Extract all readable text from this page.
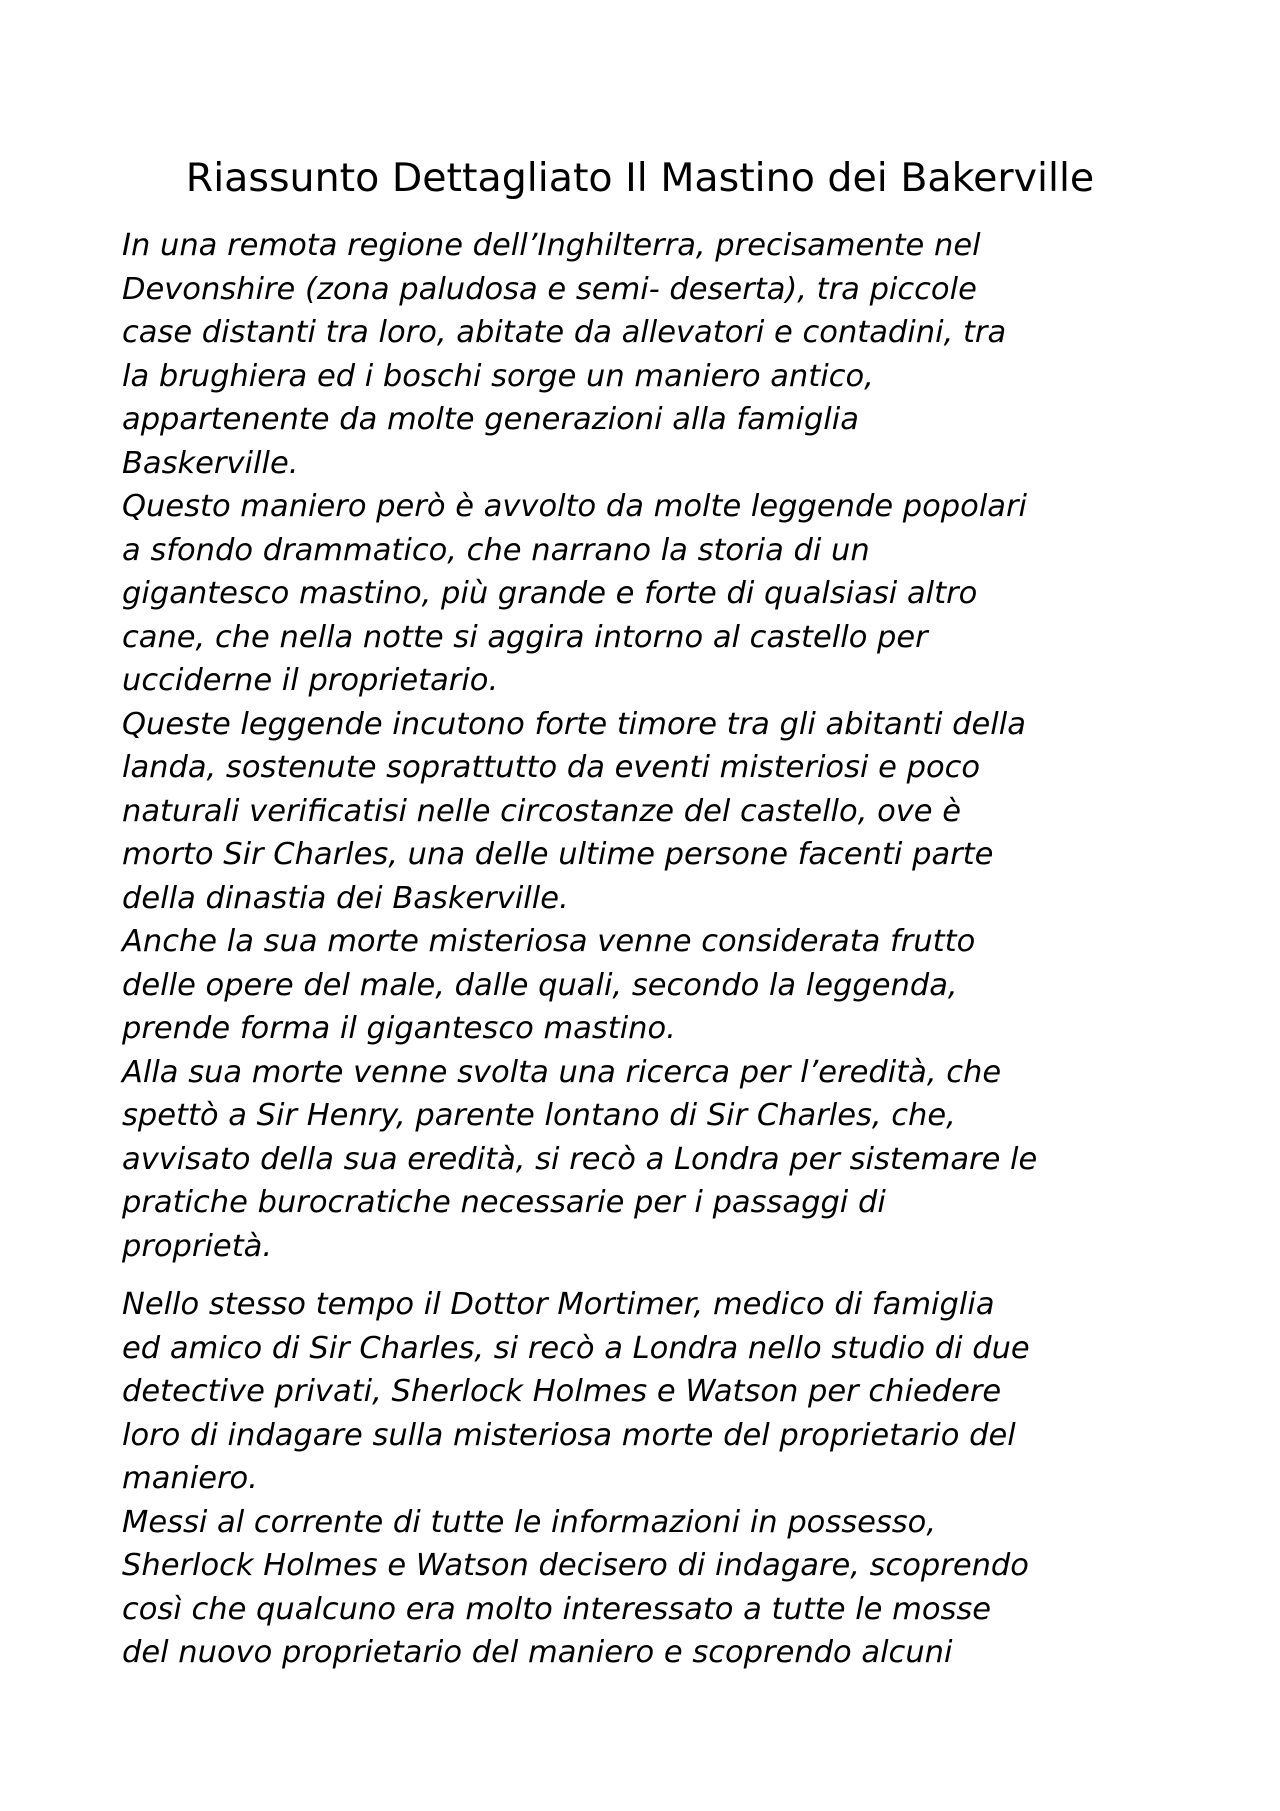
Riassunto Dettagliato Il Mastino dei Bakerville
In una remota regione dell’Inghilterra, precisamente nel
Devonshire (zona paludosa e semi- deserta), tra piccole
case distanti tra loro, abitate da allevatori e contadini, tra
la brughiera ed i boschi sorge un maniero antico,
appartenente da molte generazioni alla famiglia
Baskerville.
Questo maniero però è avvolto da molte leggende popolari
a sfondo drammatico, che narrano la storia di un
gigantesco mastino, più grande e forte di qualsiasi altro
cane, che nella notte si aggira intorno al castello per
ucciderne il proprietario.
Queste leggende incutono forte timore tra gli abitanti della
landa, sostenute soprattutto da eventi misteriosi e poco
naturali verificatisi nelle circostanze del castello, ove è
morto Sir Charles, una delle ultime persone facenti parte
della dinastia dei Baskerville.
Anche la sua morte misteriosa venne considerata frutto
delle opere del male, dalle quali, secondo la leggenda,
prende forma il gigantesco mastino.
Alla sua morte venne svolta una ricerca per l’eredità, che
spettò a Sir Henry, parente lontano di Sir Charles, che,
avvisato della sua eredità, si recò a Londra per sistemare le
pratiche burocratiche necessarie per i passaggi di
proprietà.
Nello stesso tempo il Dottor Mortimer, medico di famiglia
ed amico di Sir Charles, si recò a Londra nello studio di due
detective privati, Sherlock Holmes e Watson per chiedere
loro di indagare sulla misteriosa morte del proprietario del
maniero.
Messi al corrente di tutte le informazioni in possesso,
Sherlock Holmes e Watson decisero di indagare, scoprendo
così che qualcuno era molto interessato a tutte le mosse
del nuovo proprietario del maniero e scoprendo alcuni
